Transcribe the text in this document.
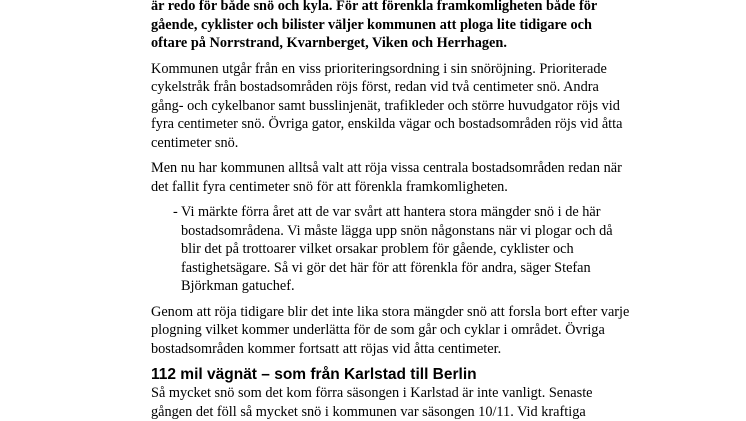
är redo för både snö och kyla. För att förenkla framkomligheten både för gående, cyklister och bilister väljer kommunen att ploga lite tidigare och oftare på Norrstrand, Kvarnberget, Viken och Herrhagen.

Kommunen utgår från en viss prioriteringsordning i sin snöröjning. Prioriterade cykelstråk från bostadsområden röjs först, redan vid två centimeter snö. Andra gång- och cykelbanor samt busslinjenät, trafikleder och större huvudgator röjs vid fyra centimeter snö. Övriga gator, enskilda vägar och bostadsområden röjs vid åtta centimeter snö.

Men nu har kommunen alltså valt att röja vissa centrala bostadsområden redan när det fallit fyra centimeter snö för att förenkla framkomligheten.

- Vi märkte förra året att de var svårt att hantera stora mängder snö i de här bostadsområdena. Vi måste lägga upp snön någonstans när vi plogar och då blir det på trottoarer vilket orsakar problem för gående, cyklister och fastighetsägare. Så vi gör det här för att förenkla för andra, säger Stefan Björkman gatuchef.

Genom att röja tidigare blir det inte lika stora mängder snö att forsla bort efter varje plogning vilket kommer underlätta för de som går och cyklar i området. Övriga bostadsområden kommer fortsatt att röjas vid åtta centimeter.

112 mil vägnät – som från Karlstad till Berlin

Så mycket snö som det kom förra säsongen i Karlstad är inte vanligt. Senaste gången det föll så mycket snö i kommunen var säsongen 10/11. Vid kraftiga
